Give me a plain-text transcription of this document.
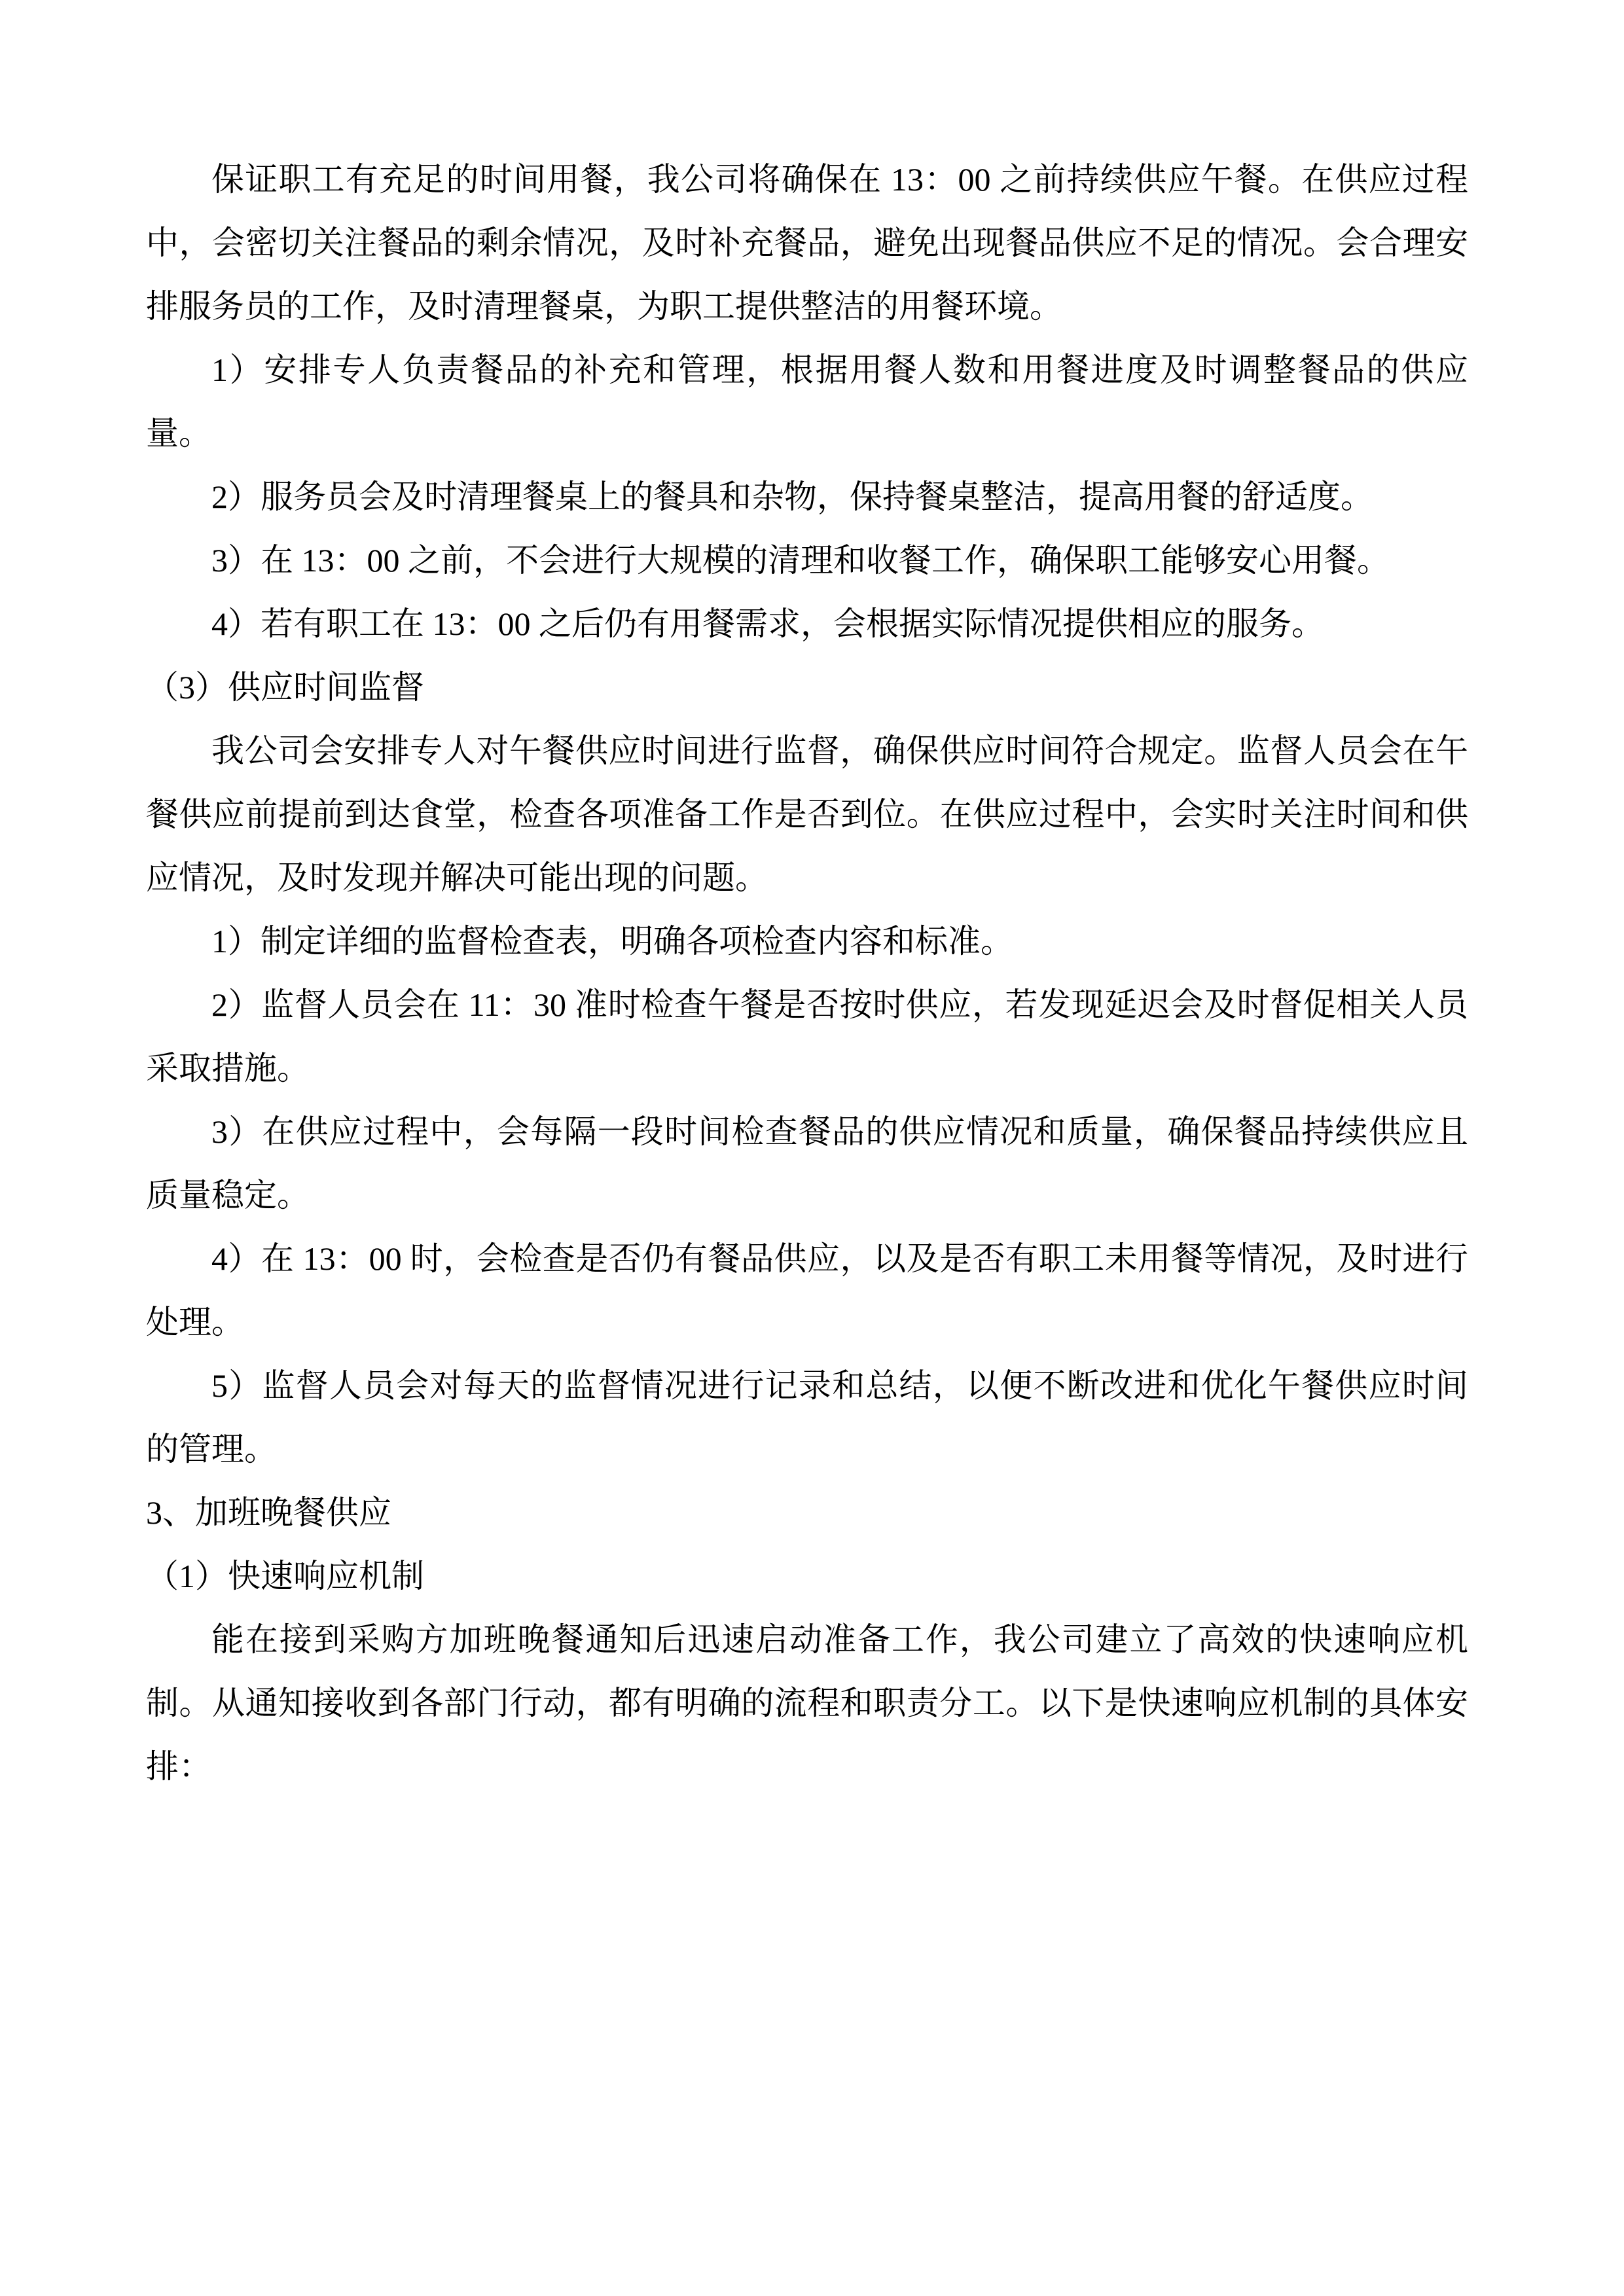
保证职工有充足的时间用餐，我公司将确保在 13：00 之前持续供应午餐。在供应过程中，会密切关注餐品的剩余情况，及时补充餐品，避免出现餐品供应不足的情况。会合理安排服务员的工作，及时清理餐桌，为职工提供整洁的用餐环境。

1）安排专人负责餐品的补充和管理，根据用餐人数和用餐进度及时调整餐品的供应量。

2）服务员会及时清理餐桌上的餐具和杂物，保持餐桌整洁，提高用餐的舒适度。

3）在 13：00 之前，不会进行大规模的清理和收餐工作，确保职工能够安心用餐。

4）若有职工在 13：00 之后仍有用餐需求，会根据实际情况提供相应的服务。

（3）供应时间监督

我公司会安排专人对午餐供应时间进行监督，确保供应时间符合规定。监督人员会在午餐供应前提前到达食堂，检查各项准备工作是否到位。在供应过程中，会实时关注时间和供应情况，及时发现并解决可能出现的问题。

1）制定详细的监督检查表，明确各项检查内容和标准。

2）监督人员会在 11：30 准时检查午餐是否按时供应，若发现延迟会及时督促相关人员采取措施。

3）在供应过程中，会每隔一段时间检查餐品的供应情况和质量，确保餐品持续供应且质量稳定。

4）在 13：00 时，会检查是否仍有餐品供应，以及是否有职工未用餐等情况，及时进行处理。

5）监督人员会对每天的监督情况进行记录和总结，以便不断改进和优化午餐供应时间的管理。

3、加班晚餐供应
（1）快速响应机制

能在接到采购方加班晚餐通知后迅速启动准备工作，我公司建立了高效的快速响应机制。从通知接收到各部门行动，都有明确的流程和职责分工。以下是快速响应机制的具体安排：
